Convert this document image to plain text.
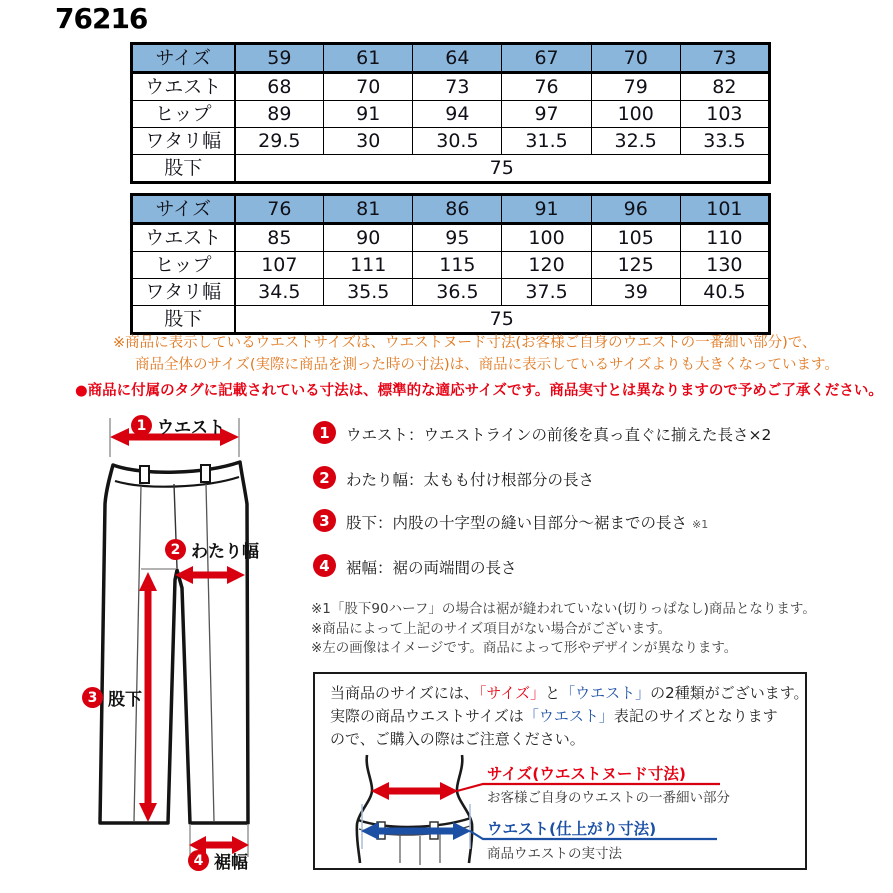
76216
サイズ	59	61	64	67	70	73
ウエスト	68	70	73	76	79	82
ヒップ	89	91	94	97	100	103
ワタリ幅	29.5	30	30.5	31.5	32.5	33.5
股下	75					
サイズ	76	81	86	91	96	101
ウエスト	85	90	95	100	105	110
ヒップ	107	111	115	120	125	130
ワタリ幅	34.5	35.5	36.5	37.5	39	40.5
股下	75					
※商品に表示しているウエストサイズは、ウエストヌード寸法(お客様ご自身のウエストの一番細い部分)で、
商品全体のサイズ(実際に商品を測った時の寸法)は、商品に表示しているサイズよりも大きくなっています。
●商品に付属のタグに記載されている寸法は、標準的な適応サイズです。商品実寸とは異なりますので予めご了承ください。
1 ウエスト
2 わたり幅
3 股下
4 裾幅
1	ウエスト：ウエストラインの前後を真っ直ぐに揃えた長さ×2
2	わたり幅：太もも付け根部分の長さ
3	股下：内股の十字型の縫い目部分～裾までの長さ ※1
4	裾幅：裾の両端間の長さ
※1「股下90ハーフ」の場合は裾が縫われていない(切りっぱなし)商品となります。
※商品によって上記のサイズ項目がない場合がございます。
※左の画像はイメージです。商品によって形やデザインが異なります。
当商品のサイズには、「サイズ」と「ウエスト」の2種類がございます。
実際の商品ウエストサイズは「ウエスト」表記のサイズとなります
ので、ご購入の際はご注意ください。
サイズ(ウエストヌード寸法)
お客様ご自身のウエストの一番細い部分
ウエスト(仕上がり寸法)
商品ウエストの実寸法
